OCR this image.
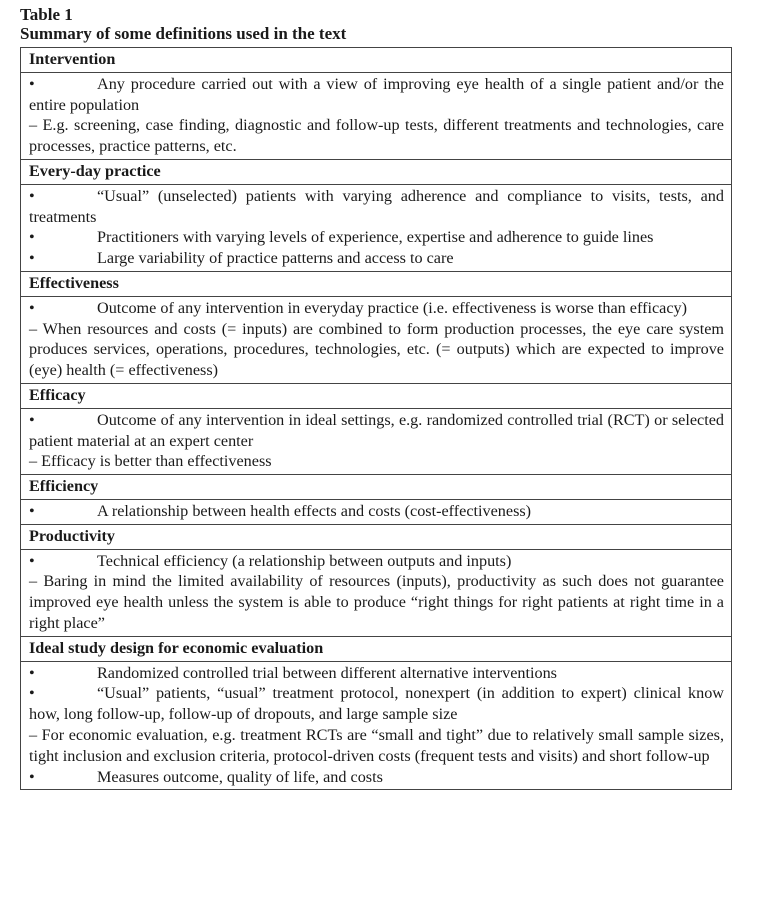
Table 1
Summary of some definitions used in the text
Intervention

•	Any procedure carried out with a view of improving eye health of a single patient and/or the entire population
– E.g. screening, case finding, diagnostic and follow-up tests, different treatments and technologies, care processes, practice patterns, etc.

Every-day practice

•	“Usual” (unselected) patients with varying adherence and compliance to visits, tests, and treatments
•	Practitioners with varying levels of experience, expertise and adherence to guide lines
•	Large variability of practice patterns and access to care

Effectiveness

•	Outcome of any intervention in everyday practice (i.e. effectiveness is worse than efficacy)
– When resources and costs (= inputs) are combined to form production processes, the eye care system produces services, operations, procedures, technologies, etc. (= outputs) which are expected to improve (eye) health (= effectiveness)

Efficacy

•	Outcome of any intervention in ideal settings, e.g. randomized controlled trial (RCT) or selected patient material at an expert center
– Efficacy is better than effectiveness

Efficiency

•	A relationship between health effects and costs (cost-effectiveness)

Productivity

•	Technical efficiency (a relationship between outputs and inputs)
– Baring in mind the limited availability of resources (inputs), productivity as such does not guarantee improved eye health unless the system is able to produce “right things for right patients at right time in a right place”

Ideal study design for economic evaluation

•	Randomized controlled trial between different alternative interventions
•	“Usual” patients, “usual” treatment protocol, nonexpert (in addition to expert) clinical know how, long follow-up, follow-up of dropouts, and large sample size
– For economic evaluation, e.g. treatment RCTs are “small and tight” due to relatively small sample sizes, tight inclusion and exclusion criteria, protocol-driven costs (frequent tests and visits) and short follow-up
•	Measures outcome, quality of life, and costs
